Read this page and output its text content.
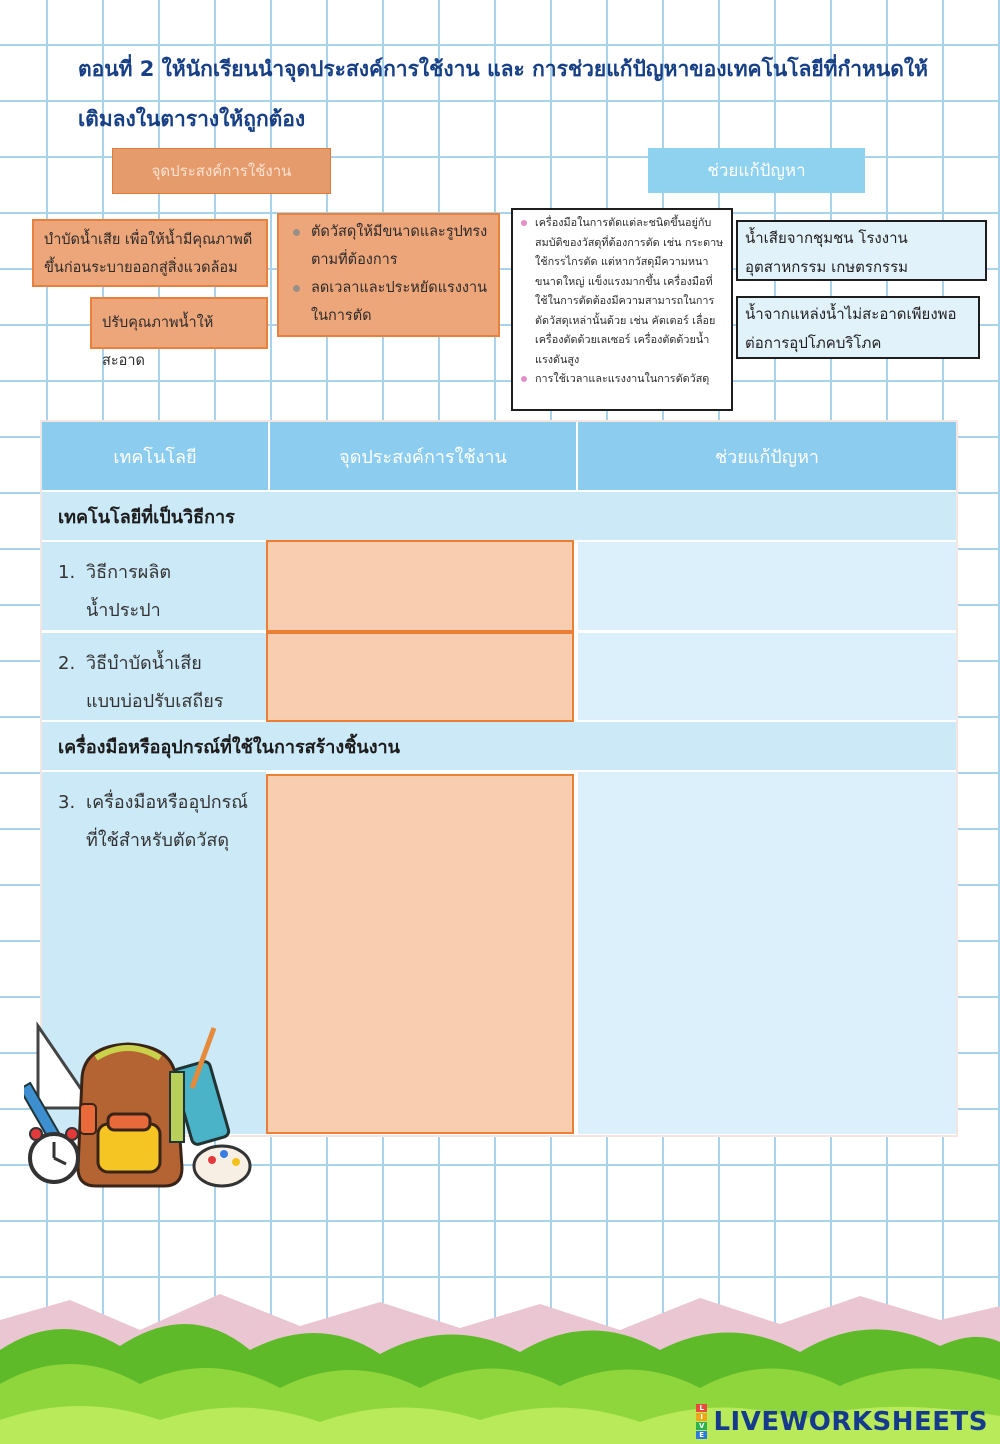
ตอนที่ 2 ให้นักเรียนนำจุดประสงค์การใช้งาน และ การช่วยแก้ปัญหาของเทคโนโลยีที่กำหนดให้
เติมลงในตารางให้ถูกต้อง
จุดประสงค์การใช้งาน	ช่วยแก้ปัญหา
บำบัดน้ำเสีย เพื่อให้น้ำมีคุณภาพดีขึ้นก่อนระบายออกสู่สิ่งแวดล้อม
ปรับคุณภาพน้ำให้สะอาด
ตัดวัสดุให้มีขนาดและรูปทรงตามที่ต้องการ
ลดเวลาและประหยัดแรงงานในการตัด
เครื่องมือในการตัดแต่ละชนิดขึ้นอยู่กับสมบัติของวัสดุที่ต้องการตัด เช่น กระดาษ ใช้กรรไกรตัด แต่หากวัสดุมีความหนาขนาดใหญ่ แข็งแรงมากขึ้น เครื่องมือที่ใช้ในการตัดต้องมีความสามารถในการตัดวัสดุเหล่านั้นด้วย เช่น คัตเตอร์ เลื่อย เครื่องตัดด้วยเลเซอร์ เครื่องตัดด้วยน้ำแรงดันสูง
การใช้เวลาและแรงงานในการตัดวัสดุ
น้ำเสียจากชุมชน โรงงานอุตสาหกรรม เกษตรกรรม
น้ำจากแหล่งน้ำไม่สะอาดเพียงพอต่อการอุปโภคบริโภค
เทคโนโลยี	จุดประสงค์การใช้งาน	ช่วยแก้ปัญหา
เทคโนโลยีที่เป็นวิธีการ
1. วิธีการผลิต
น้ำประปา
2. วิธีบำบัดน้ำเสีย
แบบบ่อปรับเสถียร
เครื่องมือหรืออุปกรณ์ที่ใช้ในการสร้างชิ้นงาน
3. เครื่องมือหรืออุปกรณ์
ที่ใช้สำหรับตัดวัสดุ
L
I
V
E LIVEWORKSHEETS
